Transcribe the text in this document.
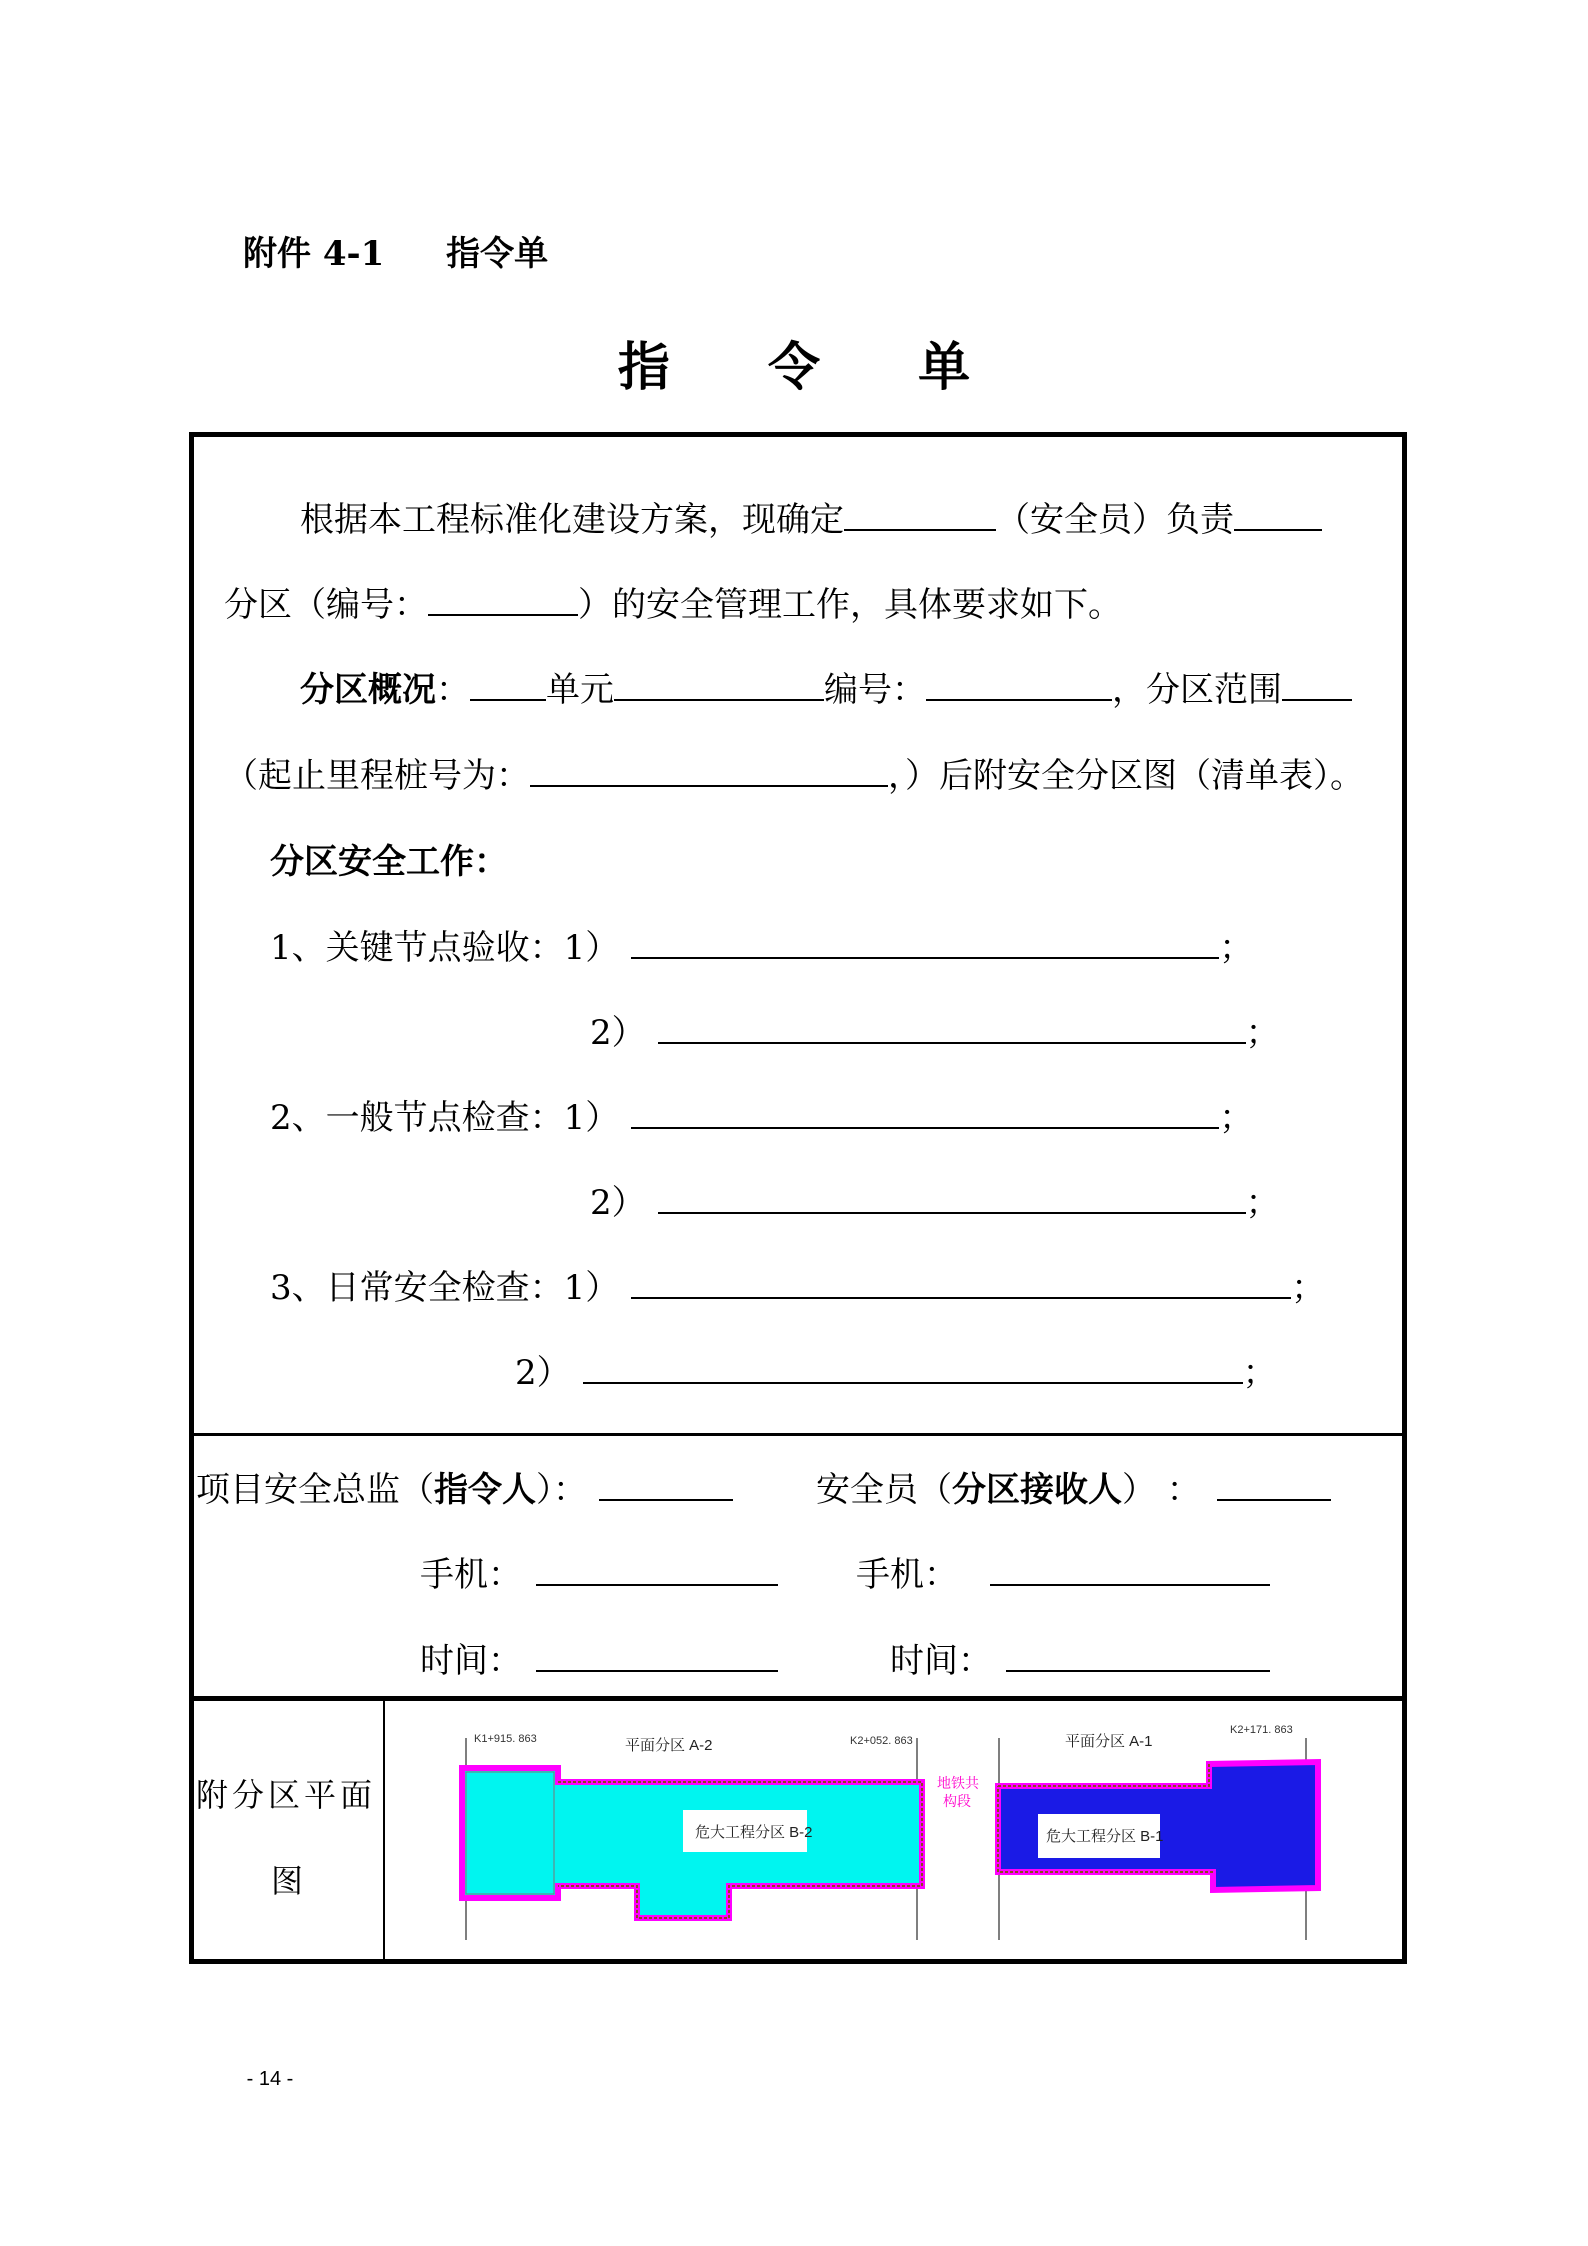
附件 4-1 指令单
指 令 单
根据本工程标准化建设方案，现确定	（安全员）负责
分区（编号：	）的安全管理工作，具体要求如下。
分区概况： 单元	编号：	，分区范围
（起止里程桩号为：	，）后附安全分区图（清单表）。
分区安全工作：
1、关键节点验收：1）	；
2）	；
2、一般节点检查：1）	；
2）	；
3、日常安全检查：1）	；
2）	；
项目安全总监（指令人）：	安全员（分区接收人） ：
手机：	手机：
时间：	时间：
附分区平面
图
K1+915. 863	K2+052. 863
K2+171. 863
平面分区 A-2	平面分区 A-1
危大工程分区 B-2	危大工程分区 B-1
地铁共
构段
- 14 -
